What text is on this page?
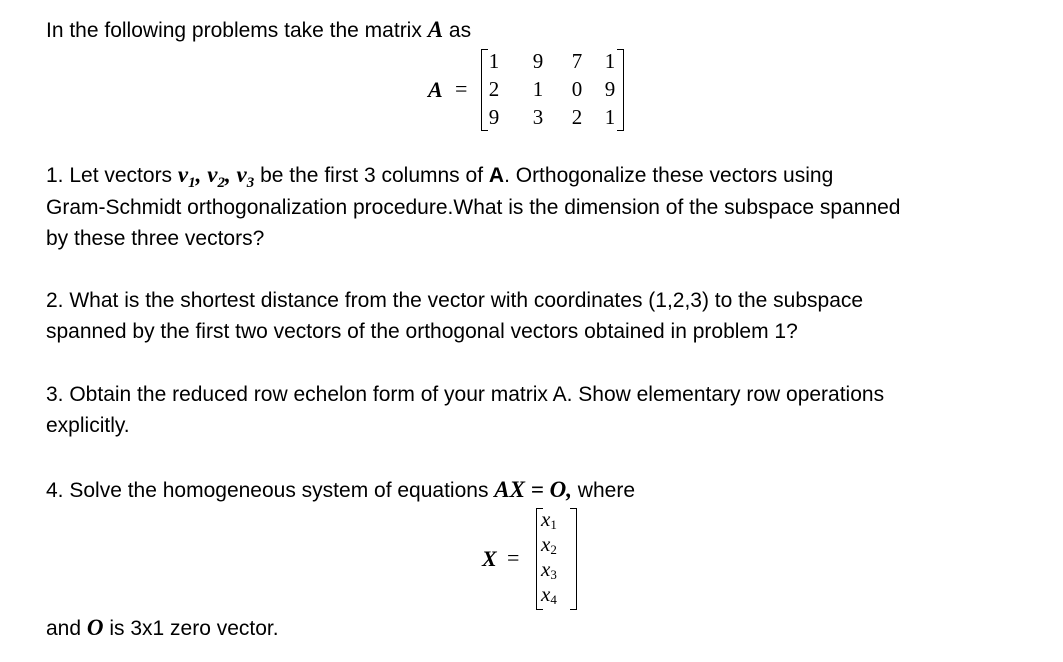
In the following problems take the matrix A as
A =
1 9 7 1
2 1 0 9
9 3 2 1
1. Let vectors $v_1$, $v_2$, $v_3$ be the first 3 columns of A. Orthogonalize these vectors using
Gram-Schmidt orthogonalization procedure.What is the dimension of the subspace spanned
by these three vectors?
2. What is the shortest distance from the vector with coordinates (1,2,3) to the subspace
spanned by the first two vectors of the orthogonal vectors obtained in problem 1?
3. Obtain the reduced row echelon form of your matrix A. Show elementary row operations
explicitly.
4. Solve the homogeneous system of equations AX = O, where
X =
$x_1$
$x_2$
$x_3$
$x_4$
and O is 3x1 zero vector.
